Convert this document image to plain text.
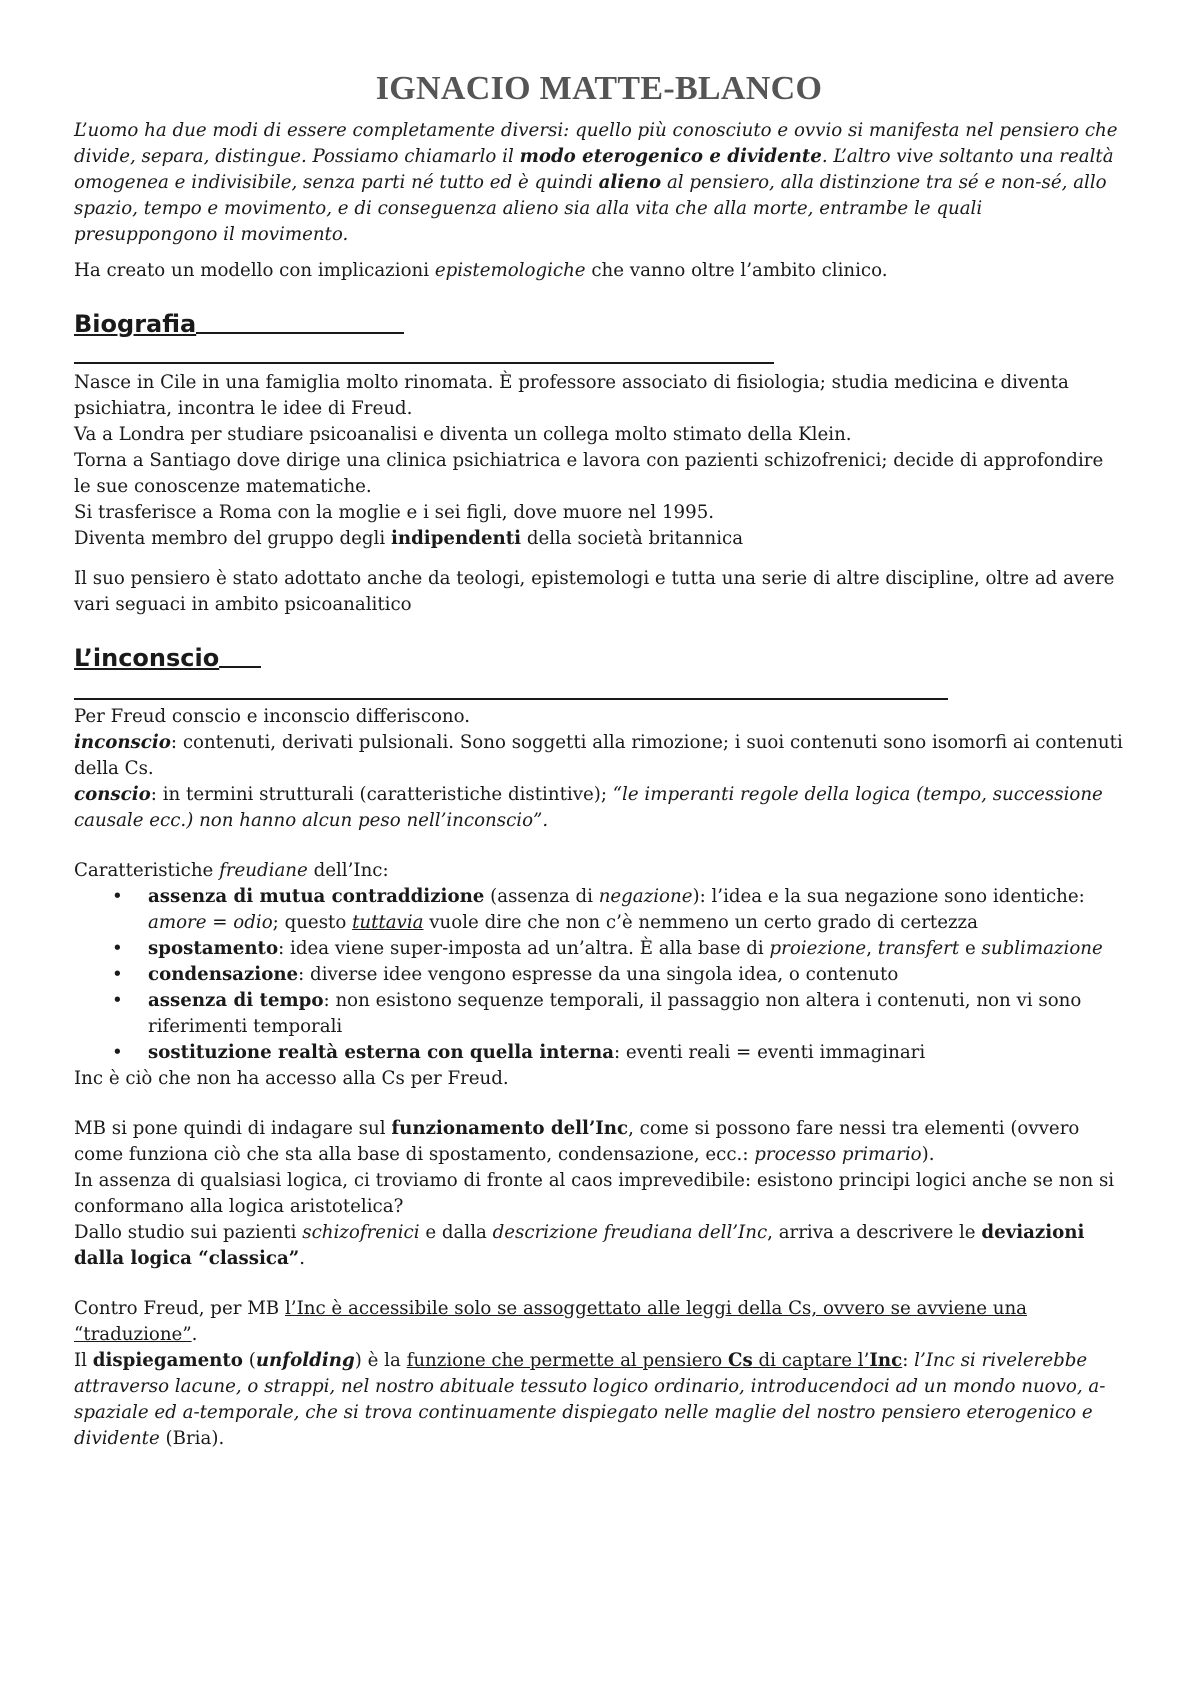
IGNACIO MATTE-BLANCO

L’uomo ha due modi di essere completamente diversi: quello più conosciuto e ovvio si manifesta nel pensiero che divide, separa, distingue. Possiamo chiamarlo il modo eterogenico e dividente. L’altro vive soltanto una realtà omogenea e indivisibile, senza parti né tutto ed è quindi alieno al pensiero, alla distinzione tra sé e non-sé, allo spazio, tempo e movimento, e di conseguenza alieno sia alla vita che alla morte, entrambe le quali presuppongono il movimento.

Ha creato un modello con implicazioni epistemologiche che vanno oltre l’ambito clinico.

Biografia

Nasce in Cile in una famiglia molto rinomata. È professore associato di fisiologia; studia medicina e diventa psichiatra, incontra le idee di Freud.

Va a Londra per studiare psicoanalisi e diventa un collega molto stimato della Klein.

Torna a Santiago dove dirige una clinica psichiatrica e lavora con pazienti schizofrenici; decide di approfondire le sue conoscenze matematiche.

Si trasferisce a Roma con la moglie e i sei figli, dove muore nel 1995.

Diventa membro del gruppo degli indipendenti della società britannica

Il suo pensiero è stato adottato anche da teologi, epistemologi e tutta una serie di altre discipline, oltre ad avere vari seguaci in ambito psicoanalitico

L’inconscio

Per Freud conscio e inconscio differiscono.

inconscio: contenuti, derivati pulsionali. Sono soggetti alla rimozione; i suoi contenuti sono isomorfi ai contenuti della Cs.

conscio: in termini strutturali (caratteristiche distintive); “le imperanti regole della logica (tempo, successione causale ecc.) non hanno alcun peso nell’inconscio”.

Caratteristiche freudiane dell’Inc:

• assenza di mutua contraddizione (assenza di negazione): l’idea e la sua negazione sono identiche: amore = odio; questo tuttavia vuole dire che non c’è nemmeno un certo grado di certezza
• spostamento: idea viene super-imposta ad un’altra. È alla base di proiezione, transfert e sublimazione
• condensazione: diverse idee vengono espresse da una singola idea, o contenuto
• assenza di tempo: non esistono sequenze temporali, il passaggio non altera i contenuti, non vi sono riferimenti temporali
• sostituzione realtà esterna con quella interna: eventi reali = eventi immaginari

Inc è ciò che non ha accesso alla Cs per Freud.

MB si pone quindi di indagare sul funzionamento dell’Inc, come si possono fare nessi tra elementi (ovvero come funziona ciò che sta alla base di spostamento, condensazione, ecc.: processo primario).

In assenza di qualsiasi logica, ci troviamo di fronte al caos imprevedibile: esistono principi logici anche se non si conformano alla logica aristotelica?

Dallo studio sui pazienti schizofrenici e dalla descrizione freudiana dell’Inc, arriva a descrivere le deviazioni dalla logica “classica”.

Contro Freud, per MB l’Inc è accessibile solo se assoggettato alle leggi della Cs, ovvero se avviene una “traduzione”.

Il dispiegamento (unfolding) è la funzione che permette al pensiero Cs di captare l’Inc: l’Inc si rivelerebbe attraverso lacune, o strappi, nel nostro abituale tessuto logico ordinario, introducendoci ad un mondo nuovo, a-spaziale ed a-temporale, che si trova continuamente dispiegato nelle maglie del nostro pensiero eterogenico e dividente (Bria).
